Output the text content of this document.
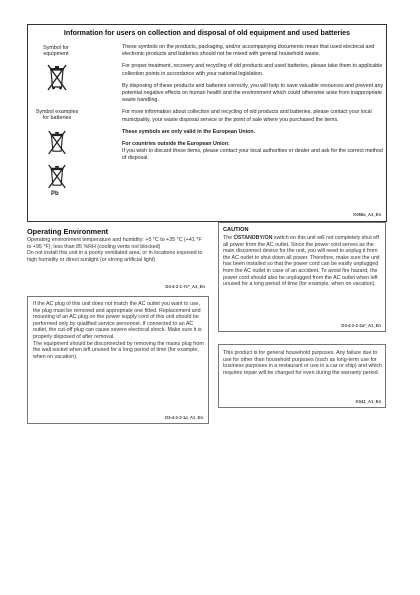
Information for users on collection and disposal of old equipment and used batteries
Symbol for
equipment
Symbol examples
for batteries
Pb

These symbols on the products, packaging, and/or accompanying documents mean that used electrical and electronic products and batteries should not be mixed with general household waste.

For proper treatment, recovery and recycling of old products and used batteries, please take them to applicable collection points in accordance with your national legislation.

By disposing of these products and batteries correctly, you will help to save valuable resources and prevent any potential negative effects on human health and the environment which could otherwise arise from inappropriate waste handling.

For more information about collection and recycling of old products and batteries, please contact your local municipality, your waste disposal service or the point of sale where you purchased the items.

These symbols are only valid in the European Union.

For countries outside the European Union:

If you wish to discard these items, please contact your local authorities or dealer and ask for the correct method of disposal.

K058a_A1_En
Operating Environment
Operating environment temperature and humidity: +5 °C to +35 °C (+41 °F to +95 °F); less than 85 %RH (cooling vents not blocked)
Do not install this unit in a poorly ventilated area, or in locations exposed to high humidity or direct sunlight (or strong artificial light)
D3-4-2-1-7c*_A1_En
If the AC plug of this unit does not match the AC outlet you want to use, the plug must be removed and appropriate one fitted. Replacement and mounting of an AC plug on the power supply cord of this unit should be performed only by qualified service personnel. If connected to an AC outlet, the cut-off plug can cause severe electrical shock. Make sure it is properly disposed of after removal.
The equipment should be disconnected by removing the mains plug from the wall socket when left unused for a long period of time (for example, when on vacation).
D3-4-2-2-1a_A1_En
CAUTION
The ⏻STANDBY/ON switch on this unit will not completely shut off all power from the AC outlet. Since the power cord serves as the main disconnect device for the unit, you will need to unplug it from the AC outlet to shut down all power. Therefore, make sure the unit has been installed so that the power cord can be easily unplugged from the AC outlet in case of an accident. To avoid fire hazard, the power cord should also be unplugged from the AC outlet when left unused for a long period of time (for example, when on vacation).
D3-4-2-2-2a*_A1_En
This product is for general household purposes. Any failure due to use for other than household purposes (such as long-term use for business purposes in a restaurant or use in a car or ship) and which requires repair will be charged for even during the warranty period.
K041_A1_En
